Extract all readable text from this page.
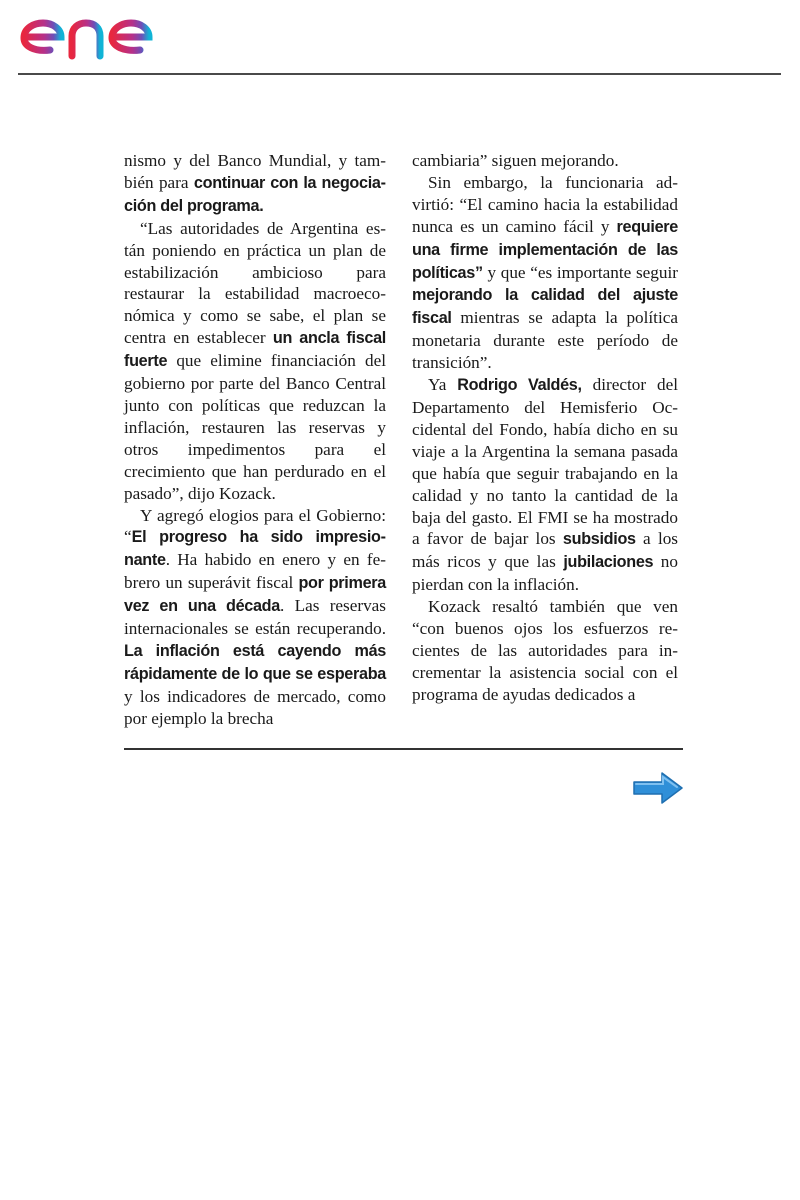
nismo y del Banco Mundial, y también para continuar con la negociación del programa.

“Las autoridades de Argentina están poniendo en práctica un plan de estabilización ambicioso para restaurar la estabilidad macroeconómica y como se sabe, el plan se centra en establecer un ancla fiscal fuerte que elimine financiación del gobierno por parte del Banco Central junto con políticas que reduzcan la inflación, restauren las reservas y otros impedimentos para el crecimiento que han perdurado en el pasado”, dijo Kozack.

Y agregó elogios para el Gobierno: “El progreso ha sido impresionante. Ha habido en enero y en febrero un superávit fiscal por primera vez en una década. Las reservas internacionales se están recuperando. La inflación está cayendo más rápidamente de lo que se esperaba y los indicadores de mercado, como por ejemplo la brecha

cambiaria” siguen mejorando.

Sin embargo, la funcionaria advirtió: “El camino hacia la estabilidad nunca es un camino fácil y requiere una firme implementación de las políticas” y que “es importante seguir mejorando la calidad del ajuste fiscal mientras se adapta la política monetaria durante este período de transición”.

Ya Rodrigo Valdés, director del Departamento del Hemisferio Occidental del Fondo, había dicho en su viaje a la Argentina la semana pasada que había que seguir trabajando en la calidad y no tanto la cantidad de la baja del gasto. El FMI se ha mostrado a favor de bajar los subsidios a los más ricos y que las jubilaciones no pierdan con la inflación.

Kozack resaltó también que ven “con buenos ojos los esfuerzos recientes de las autoridades para incrementar la asistencia social con el programa de ayudas dedicados a
